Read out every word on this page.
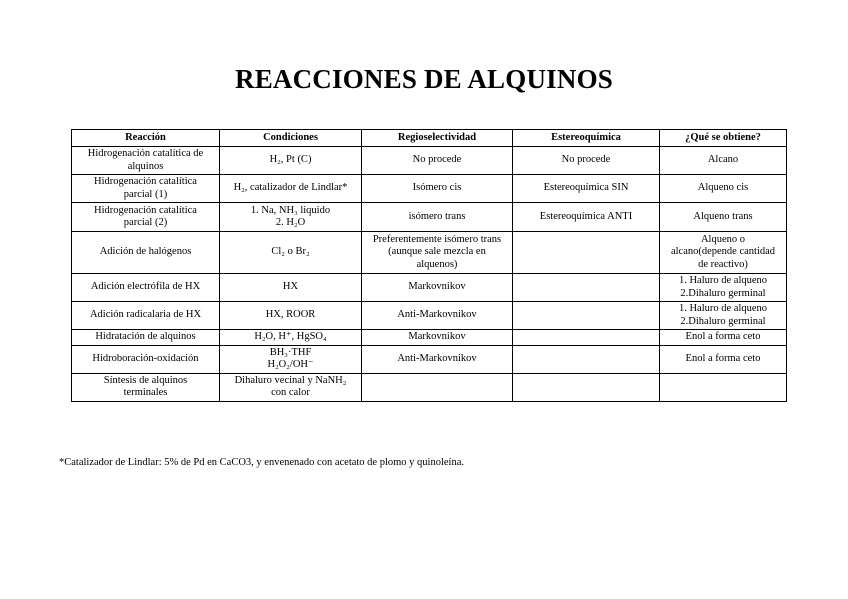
REACCIONES DE ALQUINOS
Reacción	Condiciones	Regioselectividad	Estereoquímica	¿Qué se obtiene?

Hidrogenación catalítica de
alquinos	H₂, Pt (C)	No procede	No procede	Alcano

Hidrogenación catalítica
parcial (1)	H₂, catalizador de Lindlar*	Isómero cis	Estereoquímica SIN	Alqueno cis

Hidrogenación catalítica
parcial (2)	1. Na, NH₃ liquido
2. H₂O	isómero trans	Estereoquímica ANTI	Alqueno trans

Adición de halógenos	Cl₂ o Br₂	Preferentemente isómero trans
(aunque sale mezcla en
alquenos)		Alqueno o
alcano(depende cantidad
de reactivo)

Adición electrófila de HX	HX	Markovnikov		1. Haluro de alqueno
2.Dihaluro germinal

Adición radicalaria de HX	HX, ROOR	Anti-Markovnikov		1. Haluro de alqueno
2.Dihaluro germinal

Hidratación de alquinos	H₂O, H⁺, HgSO₄	Markovnikov		Enol a forma ceto

Hidroboración-oxidación	BH₃·THF
H₂O₂/OH⁻	Anti-Markovnikov		Enol a forma ceto

Síntesis de alquinos
terminales	Dihaluro vecinal y NaNH₂
con calor			

*Catalizador de Lindlar: 5% de Pd en CaCO3, y envenenado con acetato de plomo y quinoleína.
